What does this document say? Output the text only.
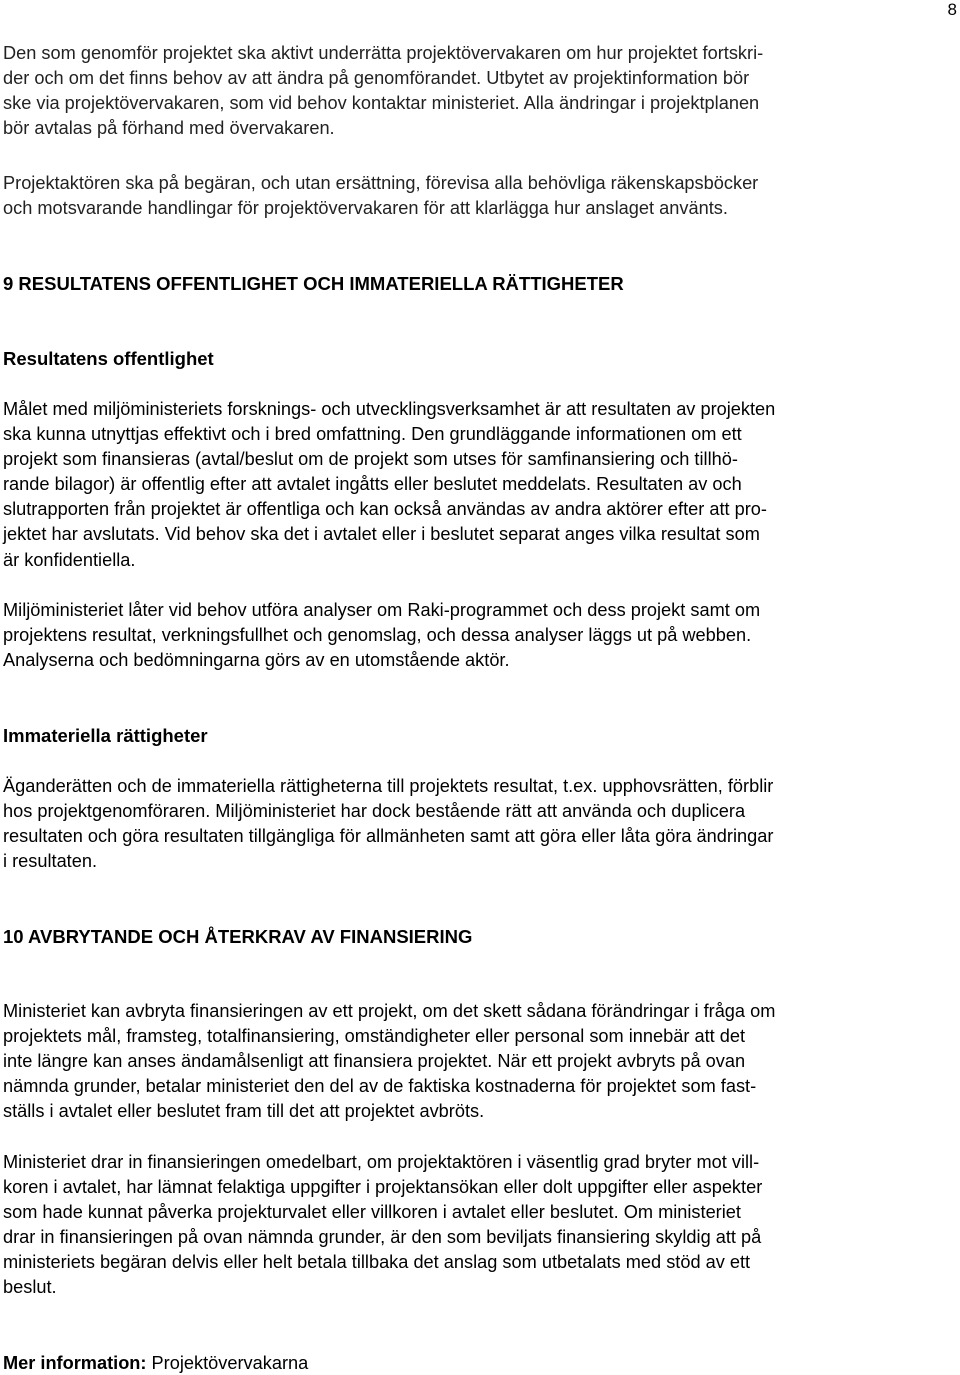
8
Den som genomför projektet ska aktivt underrätta projektövervakaren om hur projektet fortskri-
der och om det finns behov av att ändra på genomförandet. Utbytet av projektinformation bör
ske via projektövervakaren, som vid behov kontaktar ministeriet. Alla ändringar i projektplanen
bör avtalas på förhand med övervakaren.
Projektaktören ska på begäran, och utan ersättning, förevisa alla behövliga räkenskapsböcker
och motsvarande handlingar för projektövervakaren för att klarlägga hur anslaget använts.
9 RESULTATENS OFFENTLIGHET OCH IMMATERIELLA RÄTTIGHETER
Resultatens offentlighet
Målet med miljöministeriets forsknings- och utvecklingsverksamhet är att resultaten av projekten
ska kunna utnyttjas effektivt och i bred omfattning. Den grundläggande informationen om ett
projekt som finansieras (avtal/beslut om de projekt som utses för samfinansiering och tillhö-
rande bilagor) är offentlig efter att avtalet ingåtts eller beslutet meddelats. Resultaten av och
slutrapporten från projektet är offentliga och kan också användas av andra aktörer efter att pro-
jektet har avslutats. Vid behov ska det i avtalet eller i beslutet separat anges vilka resultat som
är konfidentiella.
Miljöministeriet låter vid behov utföra analyser om Raki-programmet och dess projekt samt om
projektens resultat, verkningsfullhet och genomslag, och dessa analyser läggs ut på webben.
Analyserna och bedömningarna görs av en utomstående aktör.
Immateriella rättigheter
Äganderätten och de immateriella rättigheterna till projektets resultat, t.ex. upphovsrätten, förblir
hos projektgenomföraren. Miljöministeriet har dock bestående rätt att använda och duplicera
resultaten och göra resultaten tillgängliga för allmänheten samt att göra eller låta göra ändringar
i resultaten.
10 AVBRYTANDE OCH ÅTERKRAV AV FINANSIERING
Ministeriet kan avbryta finansieringen av ett projekt, om det skett sådana förändringar i fråga om
projektets mål, framsteg, totalfinansiering, omständigheter eller personal som innebär att det
inte längre kan anses ändamålsenligt att finansiera projektet. När ett projekt avbryts på ovan
nämnda grunder, betalar ministeriet den del av de faktiska kostnaderna för projektet som fast-
ställs i avtalet eller beslutet fram till det att projektet avbröts.
Ministeriet drar in finansieringen omedelbart, om projektaktören i väsentlig grad bryter mot vill-
koren i avtalet, har lämnat felaktiga uppgifter i projektansökan eller dolt uppgifter eller aspekter
som hade kunnat påverka projekturvalet eller villkoren i avtalet eller beslutet. Om ministeriet
drar in finansieringen på ovan nämnda grunder, är den som beviljats finansiering skyldig att på
ministeriets begäran delvis eller helt betala tillbaka det anslag som utbetalats med stöd av ett
beslut.
Mer information: Projektövervakarna
